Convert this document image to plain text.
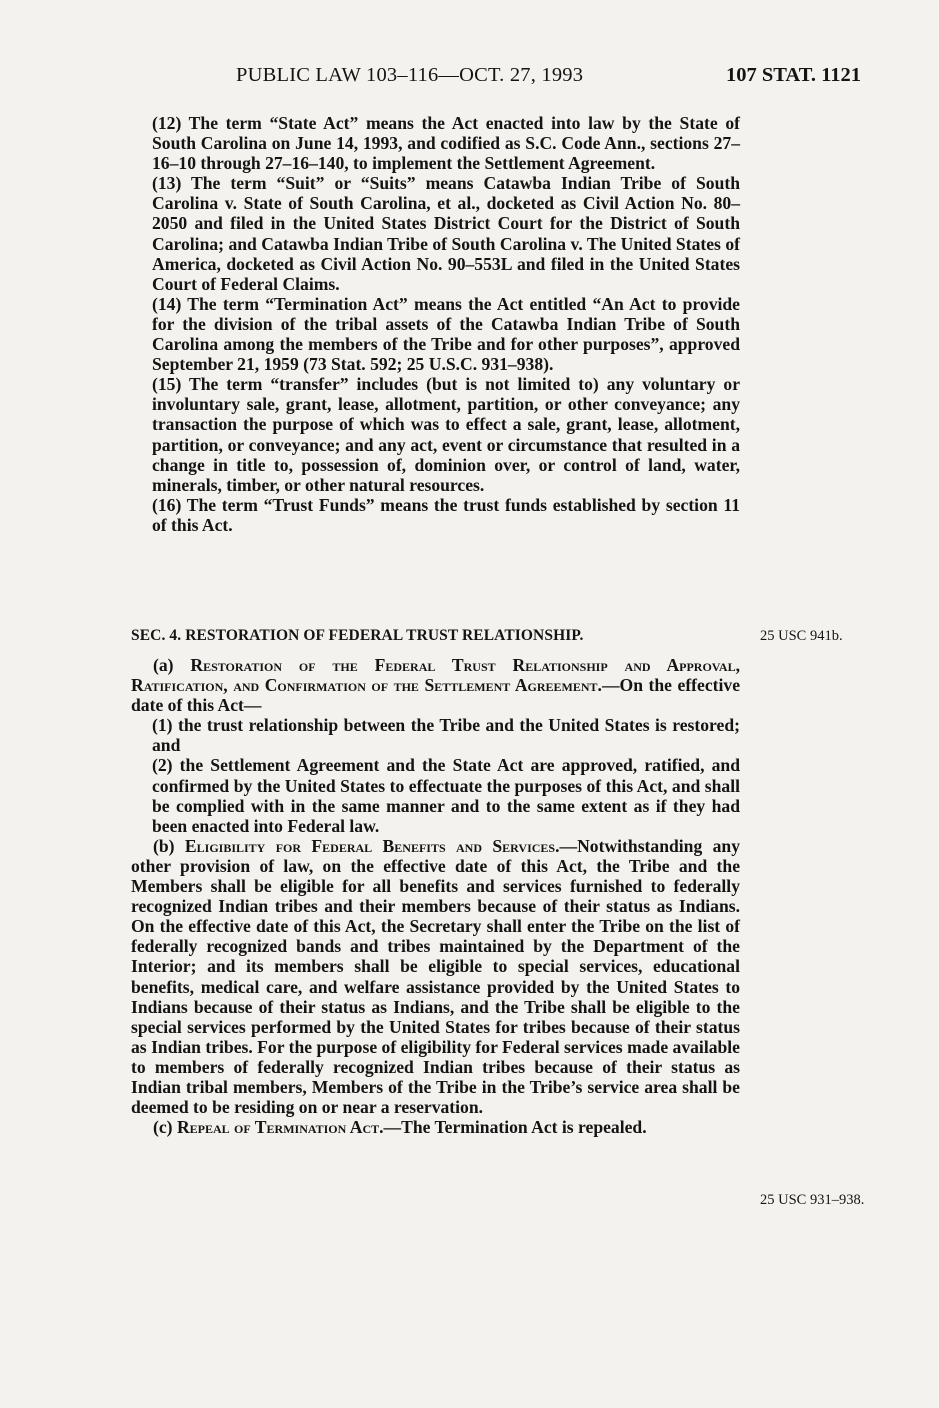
PUBLIC LAW 103–116—OCT. 27, 1993	107 STAT. 1121

(12) The term “State Act” means the Act enacted into law by the State of South Carolina on June 14, 1993, and codified as S.C. Code Ann., sections 27–16–10 through 27–16–140, to implement the Settlement Agreement.

(13) The term “Suit” or “Suits” means Catawba Indian Tribe of South Carolina v. State of South Carolina, et al., docketed as Civil Action No. 80–2050 and filed in the United States District Court for the District of South Carolina; and Catawba Indian Tribe of South Carolina v. The United States of America, docketed as Civil Action No. 90–553L and filed in the United States Court of Federal Claims.

(14) The term “Termination Act” means the Act entitled “An Act to provide for the division of the tribal assets of the Catawba Indian Tribe of South Carolina among the members of the Tribe and for other purposes”, approved September 21, 1959 (73 Stat. 592; 25 U.S.C. 931–938).

(15) The term “transfer” includes (but is not limited to) any voluntary or involuntary sale, grant, lease, allotment, partition, or other conveyance; any transaction the purpose of which was to effect a sale, grant, lease, allotment, partition, or conveyance; and any act, event or circumstance that resulted in a change in title to, possession of, dominion over, or control of land, water, minerals, timber, or other natural resources.

(16) The term “Trust Funds” means the trust funds established by section 11 of this Act.

SEC. 4. RESTORATION OF FEDERAL TRUST RELATIONSHIP.	25 USC 941b.

(a) Restoration of the Federal Trust Relationship and Approval, Ratification, and Confirmation of the Settlement Agreement.—On the effective date of this Act—

(1) the trust relationship between the Tribe and the United States is restored; and

(2) the Settlement Agreement and the State Act are approved, ratified, and confirmed by the United States to effectuate the purposes of this Act, and shall be complied with in the same manner and to the same extent as if they had been enacted into Federal law.

(b) Eligibility for Federal Benefits and Services.—Notwithstanding any other provision of law, on the effective date of this Act, the Tribe and the Members shall be eligible for all benefits and services furnished to federally recognized Indian tribes and their members because of their status as Indians. On the effective date of this Act, the Secretary shall enter the Tribe on the list of federally recognized bands and tribes maintained by the Department of the Interior; and its members shall be eligible to special services, educational benefits, medical care, and welfare assistance provided by the United States to Indians because of their status as Indians, and the Tribe shall be eligible to the special services performed by the United States for tribes because of their status as Indian tribes. For the purpose of eligibility for Federal services made available to members of federally recognized Indian tribes because of their status as Indian tribal members, Members of the Tribe in the Tribe’s service area shall be deemed to be residing on or near a reservation.

(c) Repeal of Termination Act.—The Termination Act is repealed.

25 USC 931–938.
